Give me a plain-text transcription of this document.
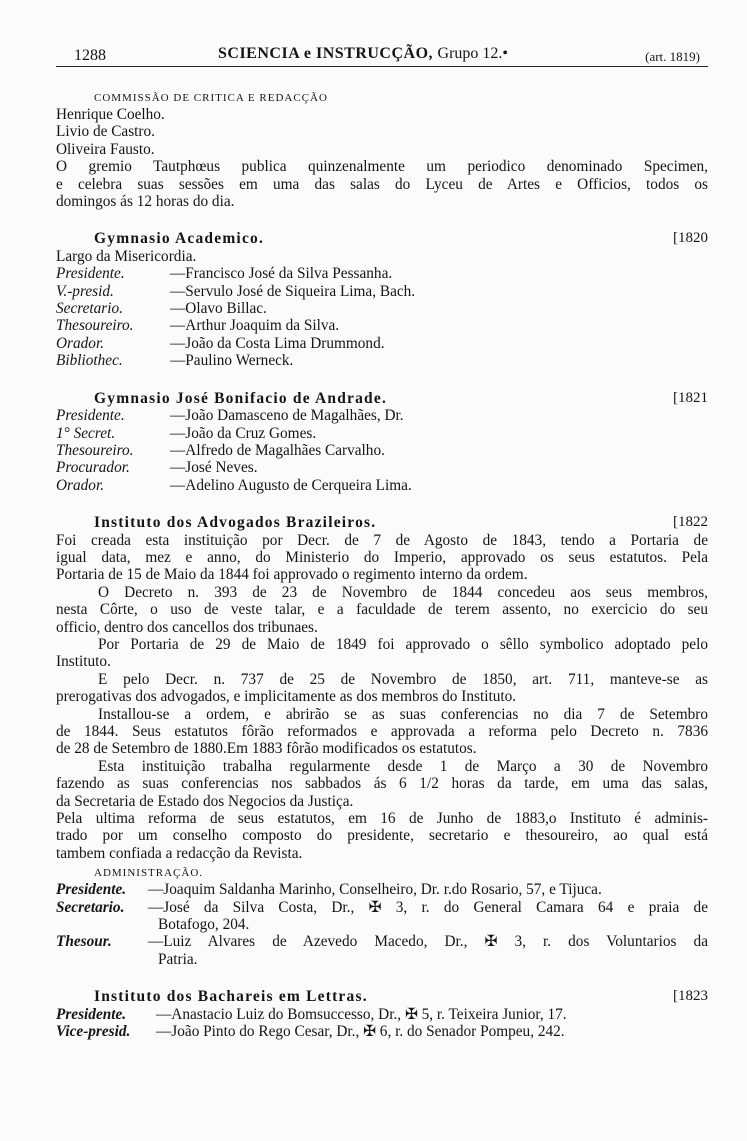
1288	SCIENCIA e INSTRUCÇÃO, Grupo 12.•	(art. 1819)
COMMISSÃO DE CRITICA E REDACÇÃO
Henrique Coelho.
Livio de Castro.
Oliveira Fausto.
O gremio Tautphœus publica quinzenalmente um periodico denominado Specimen,
e celebra suas sessões em uma das salas do Lyceu de Artes e Officios, todos os
domingos ás 12 horas do dia.
Gymnasio Academico.	[1820
Largo da Misericordia.
Presidente.	—Francisco José da Silva Pessanha.
V.-presid.	—Servulo José de Siqueira Lima, Bach.
Secretario.	—Olavo Billac.
Thesoureiro.	—Arthur Joaquim da Silva.
Orador.	—João da Costa Lima Drummond.
Bibliothec.	—Paulino Werneck.
Gymnasio José Bonifacio de Andrade.	[1821
Presidente.	—João Damasceno de Magalhães, Dr.
1° Secret.	—João da Cruz Gomes.
Thesoureiro.	—Alfredo de Magalhães Carvalho.
Procurador.	—José Neves.
Orador.	—Adelino Augusto de Cerqueira Lima.
Instituto dos Advogados Brazileiros.	[1822
Foi creada esta instituição por Decr. de 7 de Agosto de 1843, tendo a Portaria de
igual data, mez e anno, do Ministerio do Imperio, approvado os seus estatutos. Pela
Portaria de 15 de Maio da 1844 foi approvado o regimento interno da ordem.
O Decreto n. 393 de 23 de Novembro de 1844 concedeu aos seus membros,
nesta Côrte, o uso de veste talar, e a faculdade de terem assento, no exercicio do seu
officio, dentro dos cancellos dos tribunaes.
Por Portaria de 29 de Maio de 1849 foi approvado o sêllo symbolico adoptado pelo
Instituto.
E pelo Decr. n. 737 de 25 de Novembro de 1850, art. 711, manteve-se as
prerogativas dos advogados, e implicitamente as dos membros do Instituto.
Installou-se a ordem, e abrirão se as suas conferencias no dia 7 de Setembro
de 1844. Seus estatutos fôrão reformados e approvada a reforma pelo Decreto n. 7836
de 28 de Setembro de 1880.Em 1883 fôrão modificados os estatutos.
Esta instituição trabalha regularmente desde 1 de Março a 30 de Novembro
fazendo as suas conferencias nos sabbados ás 6 1/2 horas da tarde, em uma das salas,
da Secretaria de Estado dos Negocios da Justiça.
Pela ultima reforma de seus estatutos, em 16 de Junho de 1883,o Instituto é adminis-
trado por um conselho composto do presidente, secretario e thesoureiro, ao qual está
tambem confiada a redacção da Revista.
ADMINISTRAÇÃO.
Presidente.	—Joaquim Saldanha Marinho, Conselheiro, Dr. r.do Rosario, 57, e Tijuca.
Secretario.	—José da Silva Costa, Dr., ✠ 3, r. do General Camara 64 e praia de
Botafogo, 204.
Thesour.	—Luiz Alvares de Azevedo Macedo, Dr., ✠ 3, r. dos Voluntarios da
Patria.
Instituto dos Bachareis em Lettras.	[1823
Presidente.	—Anastacio Luiz do Bomsuccesso, Dr., ✠ 5, r. Teixeira Junior, 17.
Vice-presid.	—João Pinto do Rego Cesar, Dr., ✠ 6, r. do Senador Pompeu, 242.
